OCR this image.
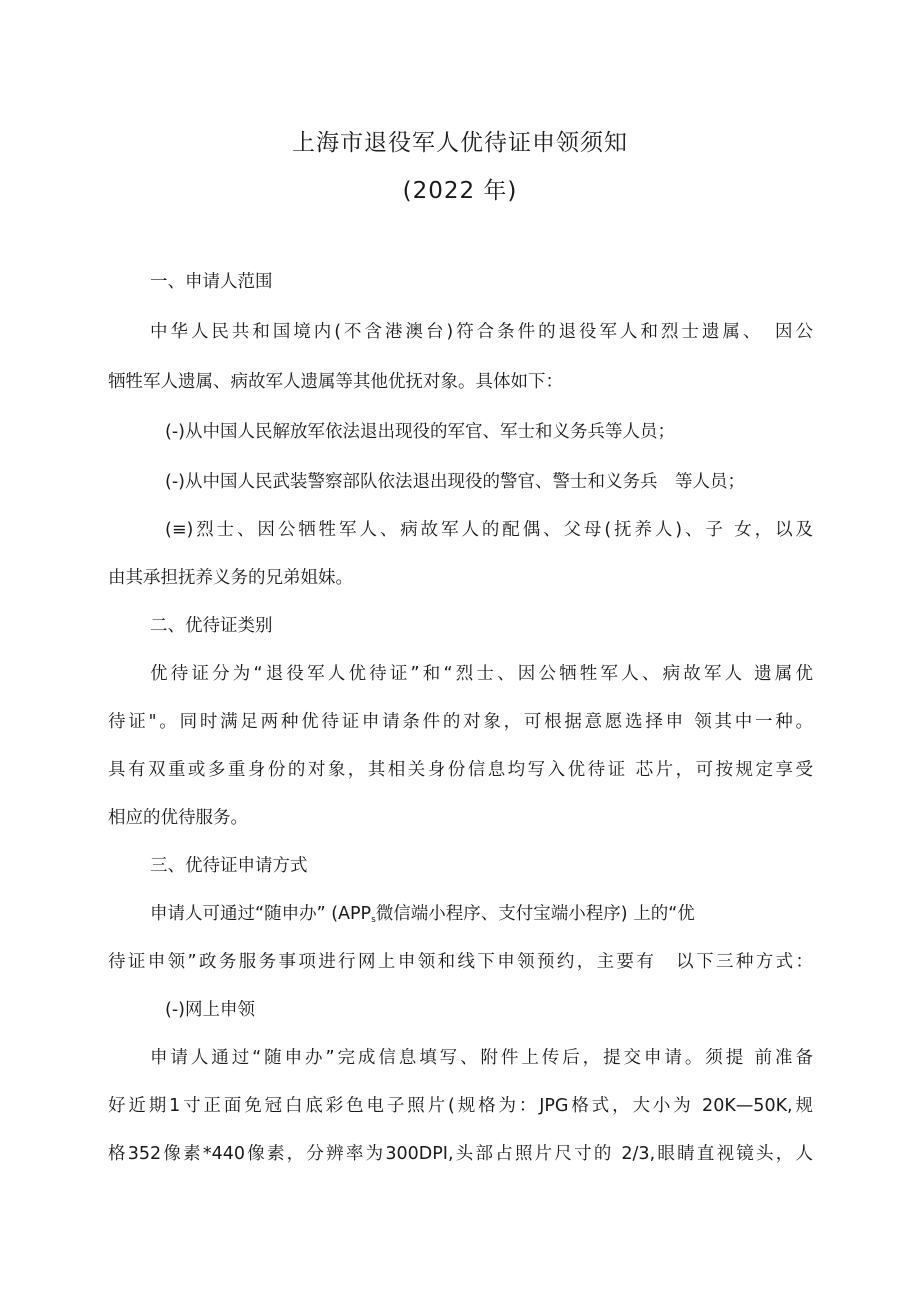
上海市退役军人优待证申领须知
(2022 年)
一、申请人范围
中华人民共和国境内(不含港澳台)符合条件的退役军人和烈士遗属、　因公
牺牲军人遗属、病故军人遗属等其他优抚对象。具体如下：
(-)从中国人民解放军依法退出现役的军官、军士和义务兵等人员；
(-)从中国人民武装警察部队依法退出现役的警官、警士和义务兵　等人员；
(≡)烈士、因公牺牲军人、病故军人的配偶、父母(抚养人)、子 女，以及
由其承担抚养义务的兄弟姐妹。
二、优待证类别
优待证分为“退役军人优待证”和“烈士、因公牺牲军人、病故军人 遗属优
待证"。同时满足两种优待证申请条件的对象，可根据意愿选择申 领其中一种。
具有双重或多重身份的对象，其相关身份信息均写入优待证 芯片，可按规定享受
相应的优待服务。
三、优待证申请方式
申请人可通过“随申办” ($APP_s$微信端小程序、支付宝端小程序) 上的“优
待证申领”政务服务事项进行网上申领和线下申领预约，主要有　以下三种方式：
(-)网上申领
申请人通过“随申办”完成信息填写、附件上传后，提交申请。须提 前准备
好近期1寸正面免冠白底彩色电子照片(规格为：JPG格式，大小为 20K—50K,规
格352像素*440像素，分辨率为300DPI,头部占照片尺寸的 2/3,眼睛直视镜头，人
